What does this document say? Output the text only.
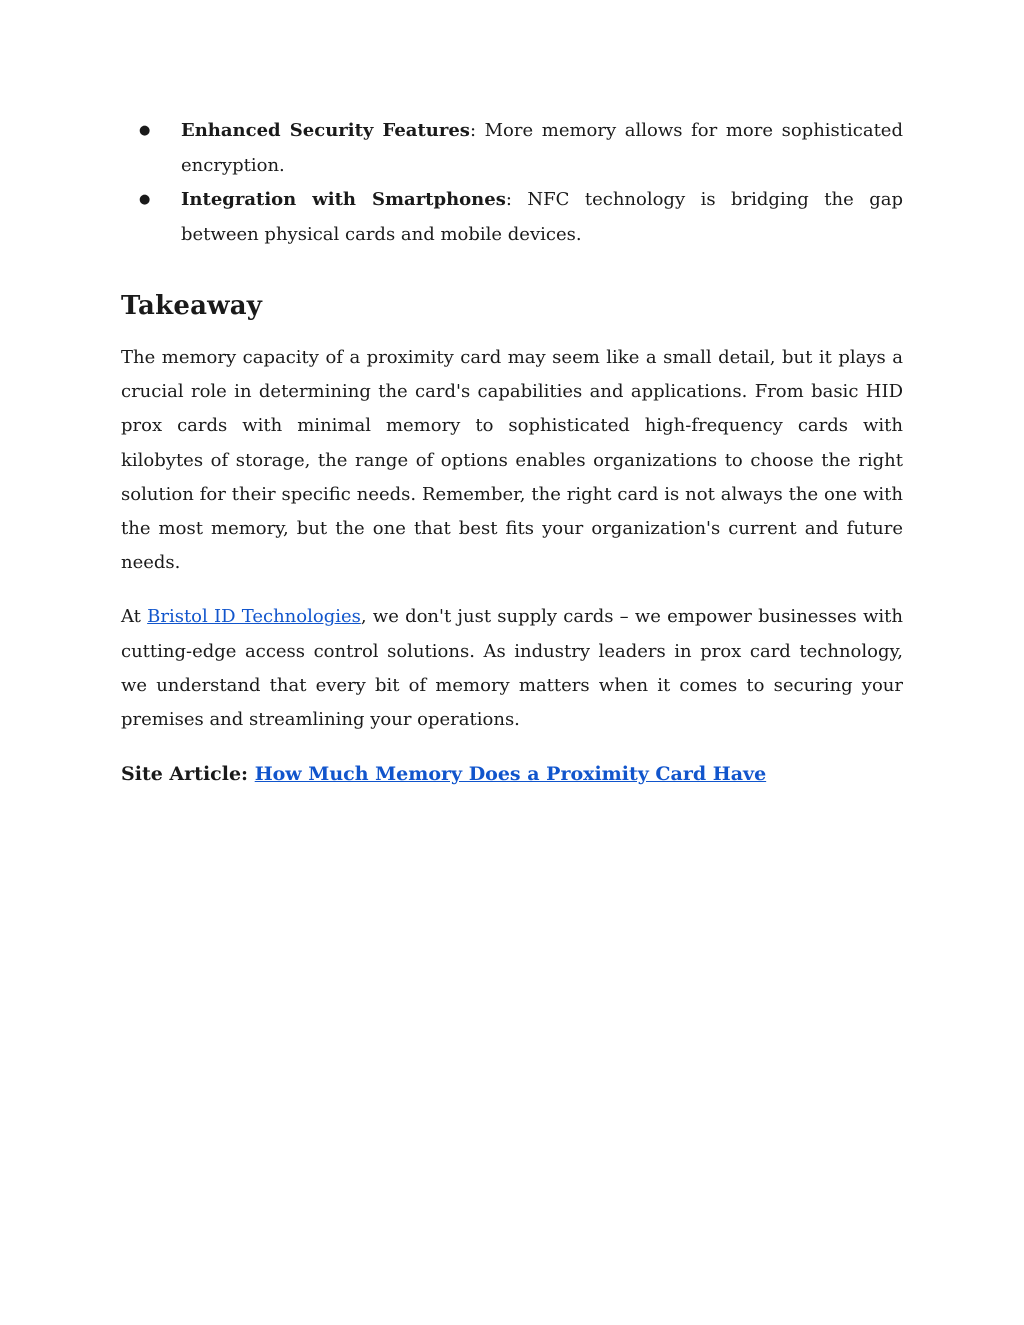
● Enhanced Security Features: More memory allows for more sophisticated encryption.
● Integration with Smartphones: NFC technology is bridging the gap between physical cards and mobile devices.
Takeaway

The memory capacity of a proximity card may seem like a small detail, but it plays a crucial role in determining the card's capabilities and applications. From basic HID prox cards with minimal memory to sophisticated high-frequency cards with kilobytes of storage, the range of options enables organizations to choose the right solution for their specific needs. Remember, the right card is not always the one with the most memory, but the one that best fits your organization's current and future needs.

At Bristol ID Technologies, we don't just supply cards – we empower businesses with cutting-edge access control solutions. As industry leaders in prox card technology, we understand that every bit of memory matters when it comes to securing your premises and streamlining your operations.

Site Article: How Much Memory Does a Proximity Card Have
